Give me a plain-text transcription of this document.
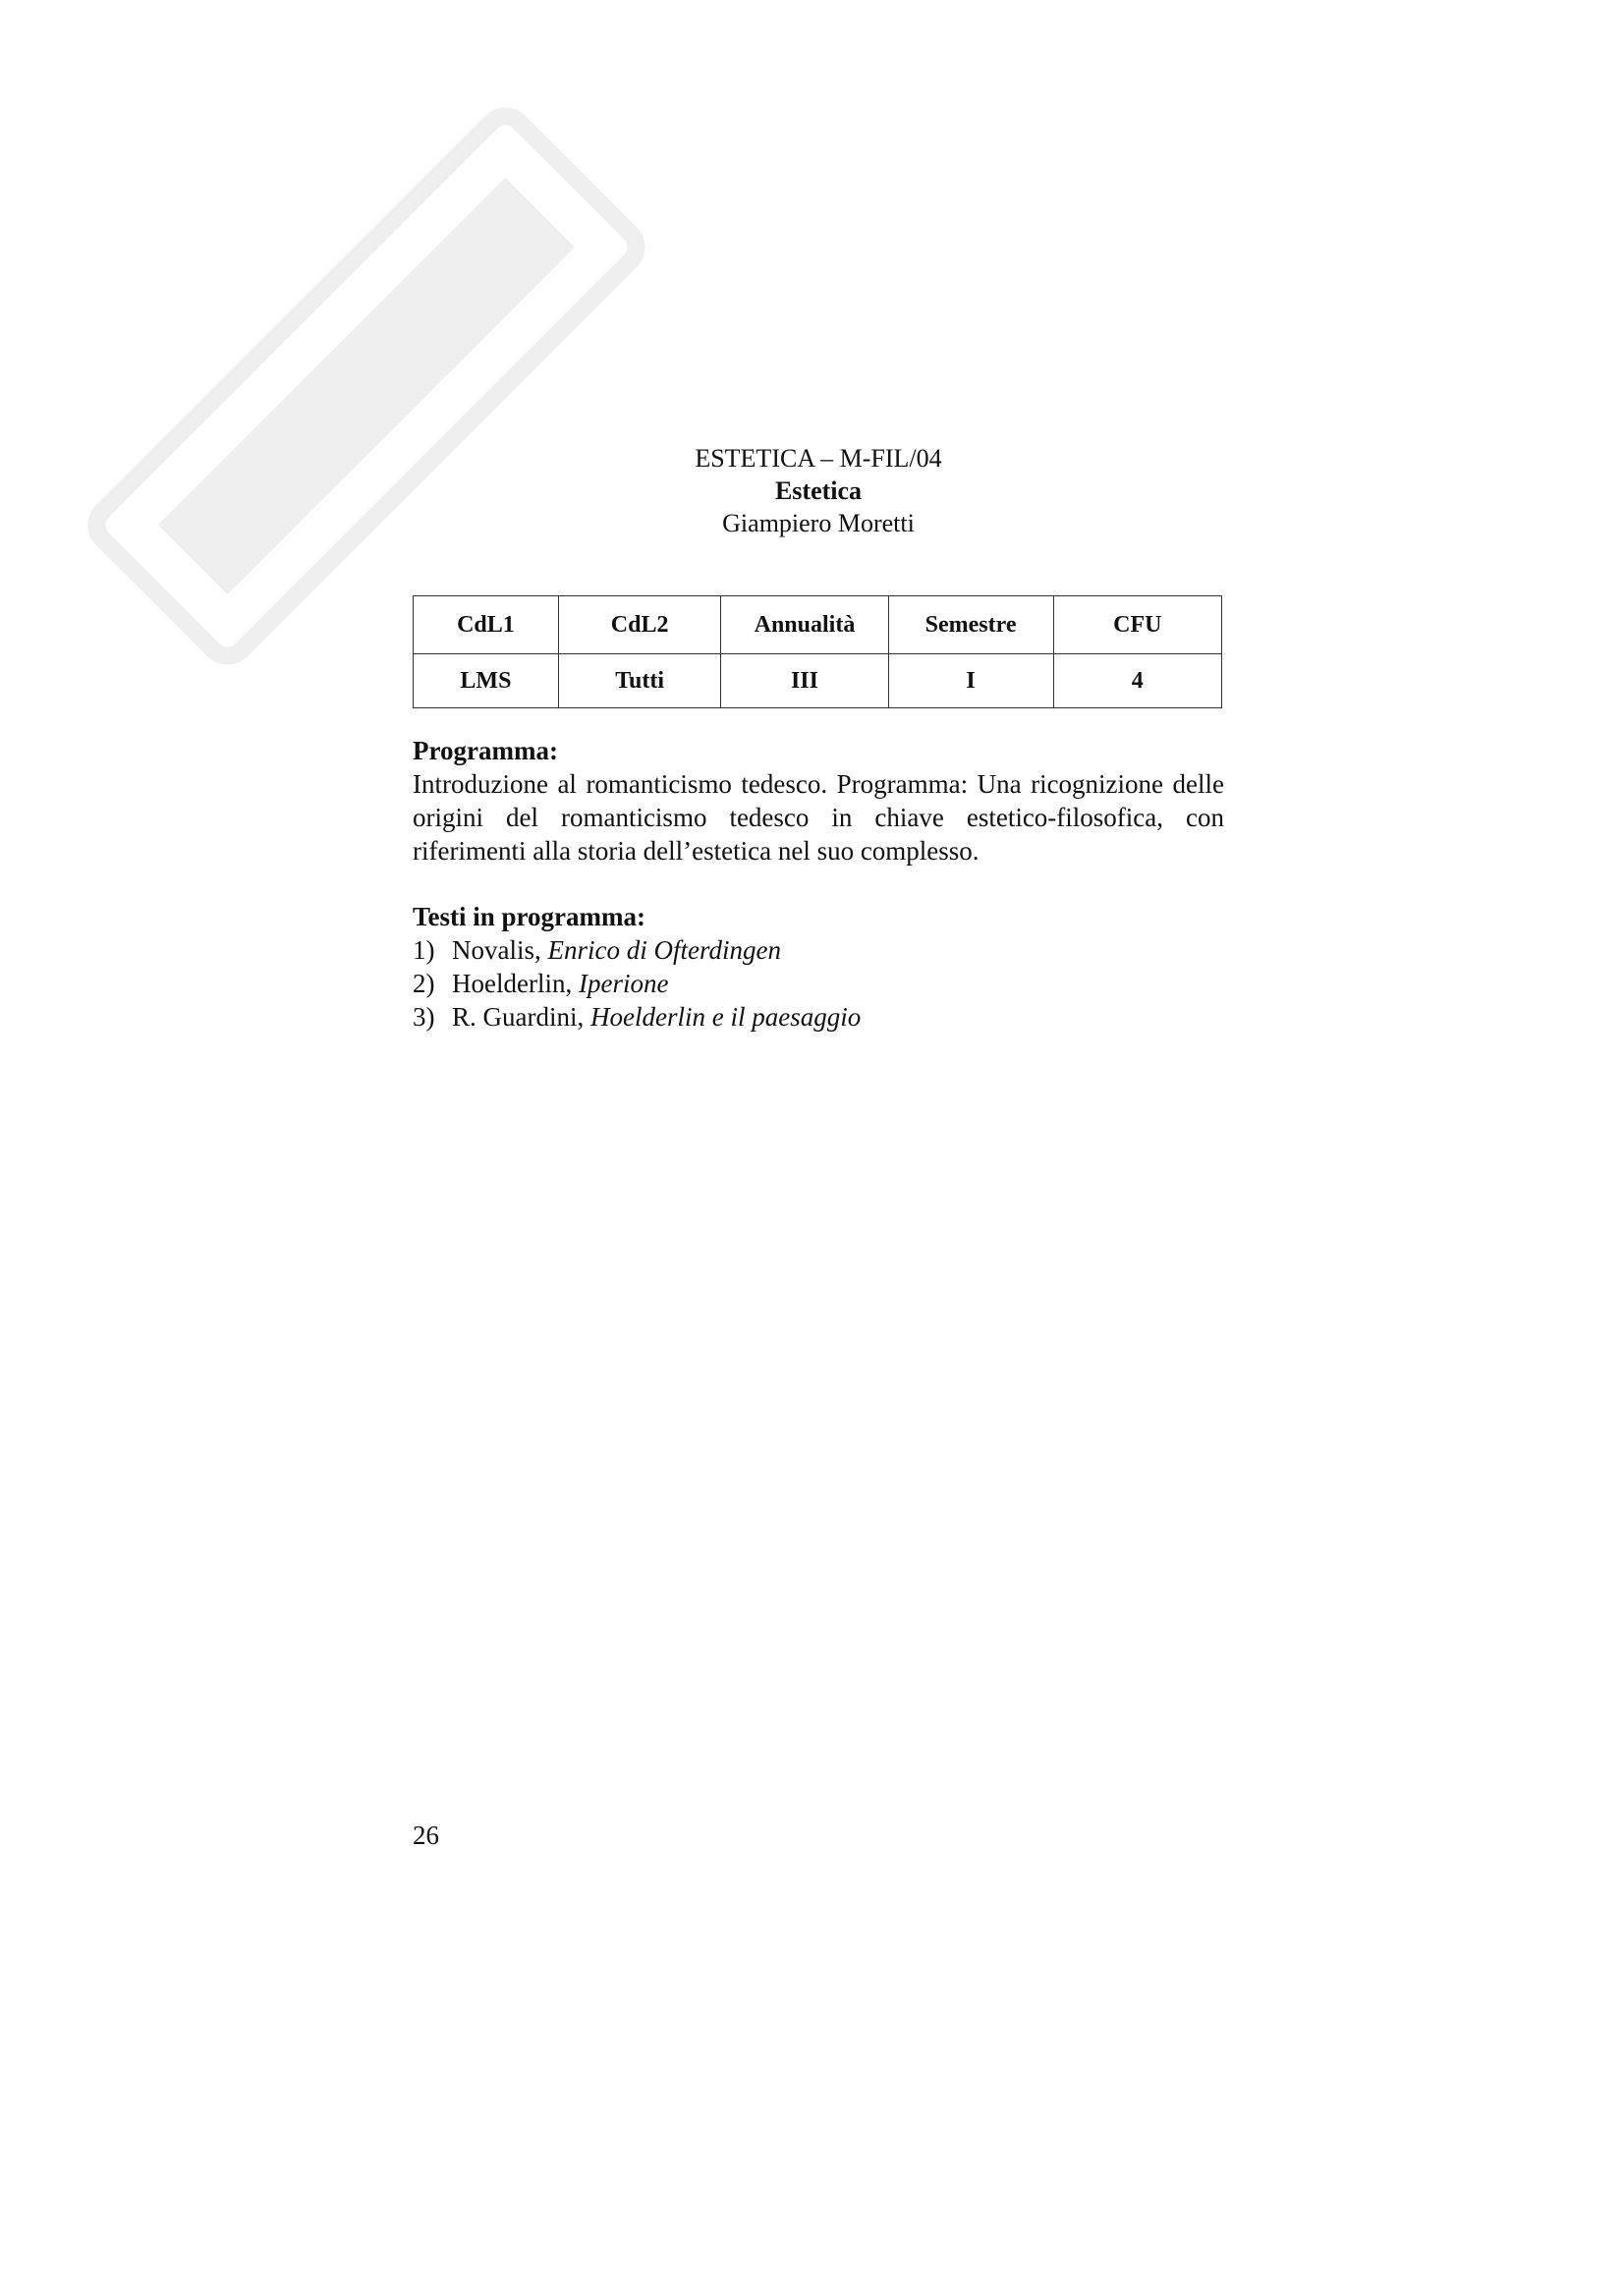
ESTETICA – M-FIL/04
Estetica
Giampiero Moretti
CdL1	CdL2	Annualità	Semestre	CFU
LMS	Tutti	III	I	4
Programma:
Introduzione al romanticismo tedesco. Programma: Una ricognizione delle origini del romanticismo tedesco in chiave estetico-filosofica, con riferimenti alla storia dell’estetica nel suo complesso.
Testi in programma:
1) Novalis, Enrico di Ofterdingen
2) Hoelderlin, Iperione
3) R. Guardini, Hoelderlin e il paesaggio
26
